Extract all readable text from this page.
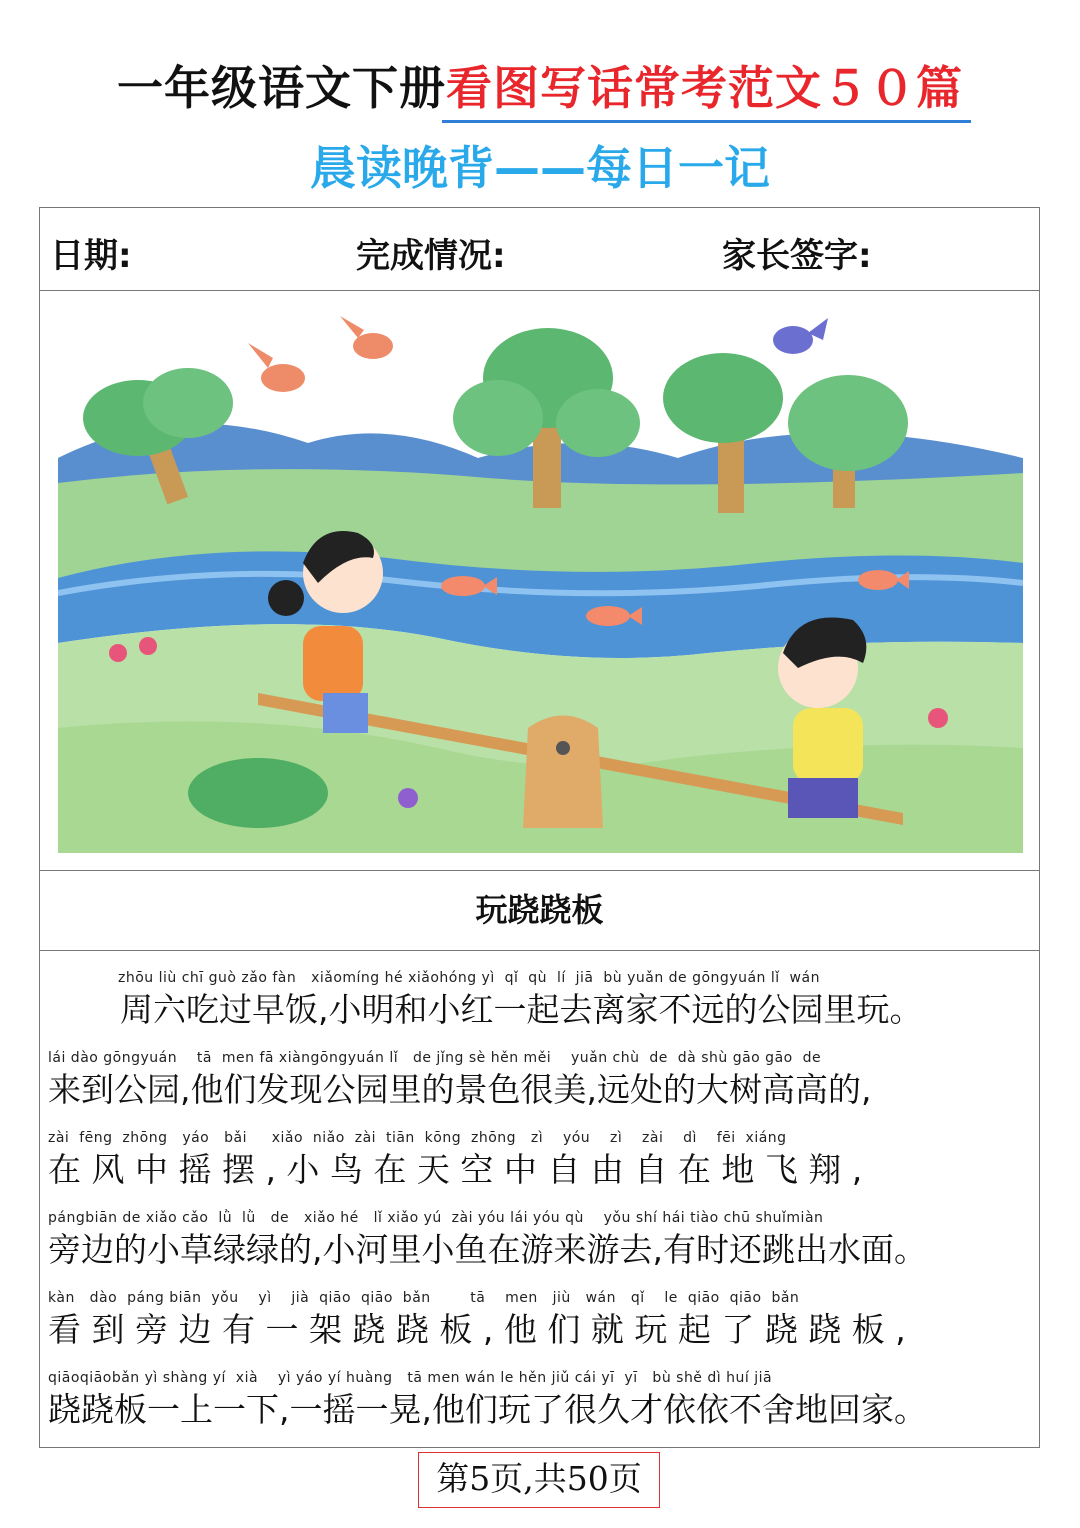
一年级语文下册看图写话常考范文５０篇
晨读晚背——每日一记
日期:	完成情况:	家长签字:
玩跷跷板
zhōu liù chī guò zǎo fàn   xiǎomíng hé xiǎohóng yì  qǐ  qù  lí  jiā  bù yuǎn de gōngyuán lǐ  wán
周六吃过早饭,小明和小红一起去离家不远的公园里玩。
lái dào gōngyuán    tā  men fā xiàngōngyuán lǐ   de jǐng sè hěn měi    yuǎn chù  de  dà shù gāo gāo  de
来到公园,他们发现公园里的景色很美,远处的大树高高的,
zài  fēng  zhōng   yáo   bǎi     xiǎo  niǎo  zài  tiān  kōng  zhōng   zì    yóu    zì    zài    dì    fēi  xiáng
在 风 中 摇 摆 , 小 鸟 在 天 空 中 自 由 自 在 地 飞 翔 ,
pángbiān de xiǎo cǎo  lǜ  lǜ   de   xiǎo hé   lǐ xiǎo yú  zài yóu lái yóu qù    yǒu shí hái tiào chū shuǐmiàn
旁边的小草绿绿的,小河里小鱼在游来游去,有时还跳出水面。
kàn   dào  páng biān  yǒu    yì    jià  qiāo  qiāo  bǎn        tā    men   jiù   wán   qǐ    le  qiāo  qiāo  bǎn
看 到 旁 边 有 一 架 跷 跷 板 , 他 们 就 玩 起 了 跷 跷 板 ,
qiāoqiāobǎn yì shàng yí  xià    yì yáo yí huàng   tā men wán le hěn jiǔ cái yī  yī   bù shě dì huí jiā
跷跷板一上一下,一摇一晃,他们玩了很久才依依不舍地回家。
第5页,共50页
